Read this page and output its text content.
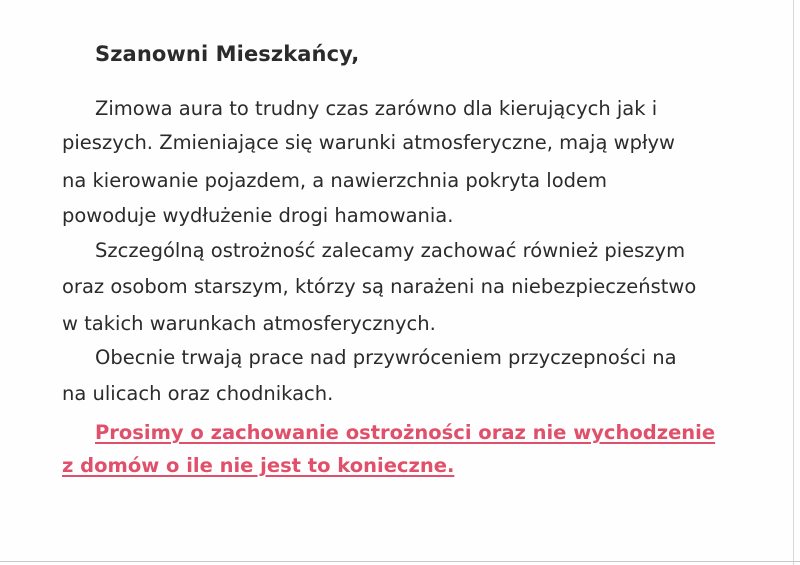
Szanowni Mieszkańcy,

Zimowa aura to trudny czas zarówno dla kierujących jak i

pieszych. Zmieniające się warunki atmosferyczne, mają wpływ

na kierowanie pojazdem, a nawierzchnia pokryta lodem

powoduje wydłużenie drogi hamowania.

Szczególną ostrożność zalecamy zachować również pieszym

oraz osobom starszym, którzy są narażeni na niebezpieczeństwo

w takich warunkach atmosferycznych.

Obecnie trwają prace nad przywróceniem przyczepności na

na ulicach oraz chodnikach.

Prosimy o zachowanie ostrożności oraz nie wychodzenie
z domów o ile nie jest to konieczne.
